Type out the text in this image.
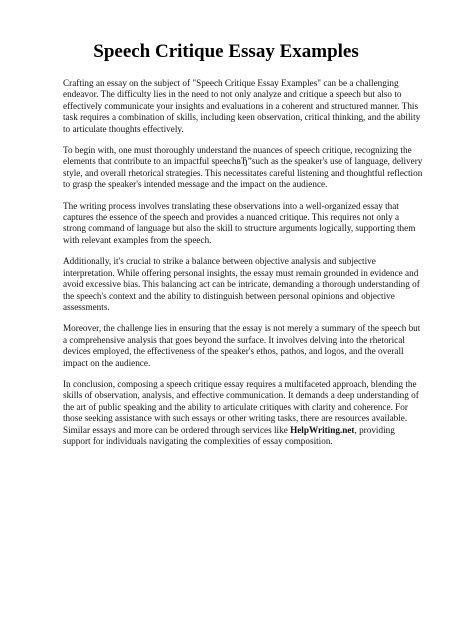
Speech Critique Essay Examples

Crafting an essay on the subject of "Speech Critique Essay Examples" can be a challenging endeavor. The difficulty lies in the need to not only analyze and critique a speech but also to effectively communicate your insights and evaluations in a coherent and structured manner. This task requires a combination of skills, including keen observation, critical thinking, and the ability to articulate thoughts effectively.

To begin with, one must thoroughly understand the nuances of speech critique, recognizing the elements that contribute to an impactful speechвЂ”such as the speaker's use of language, delivery style, and overall rhetorical strategies. This necessitates careful listening and thoughtful reflection to grasp the speaker's intended message and the impact on the audience.

The writing process involves translating these observations into a well-organized essay that captures the essence of the speech and provides a nuanced critique. This requires not only a strong command of language but also the skill to structure arguments logically, supporting them with relevant examples from the speech.

Additionally, it's crucial to strike a balance between objective analysis and subjective interpretation. While offering personal insights, the essay must remain grounded in evidence and avoid excessive bias. This balancing act can be intricate, demanding a thorough understanding of the speech's context and the ability to distinguish between personal opinions and objective assessments.

Moreover, the challenge lies in ensuring that the essay is not merely a summary of the speech but a comprehensive analysis that goes beyond the surface. It involves delving into the rhetorical devices employed, the effectiveness of the speaker's ethos, pathos, and logos, and the overall impact on the audience.

In conclusion, composing a speech critique essay requires a multifaceted approach, blending the skills of observation, analysis, and effective communication. It demands a deep understanding of the art of public speaking and the ability to articulate critiques with clarity and coherence. For those seeking assistance with such essays or other writing tasks, there are resources available. Similar essays and more can be ordered through services like HelpWriting.net, providing support for individuals navigating the complexities of essay composition.
